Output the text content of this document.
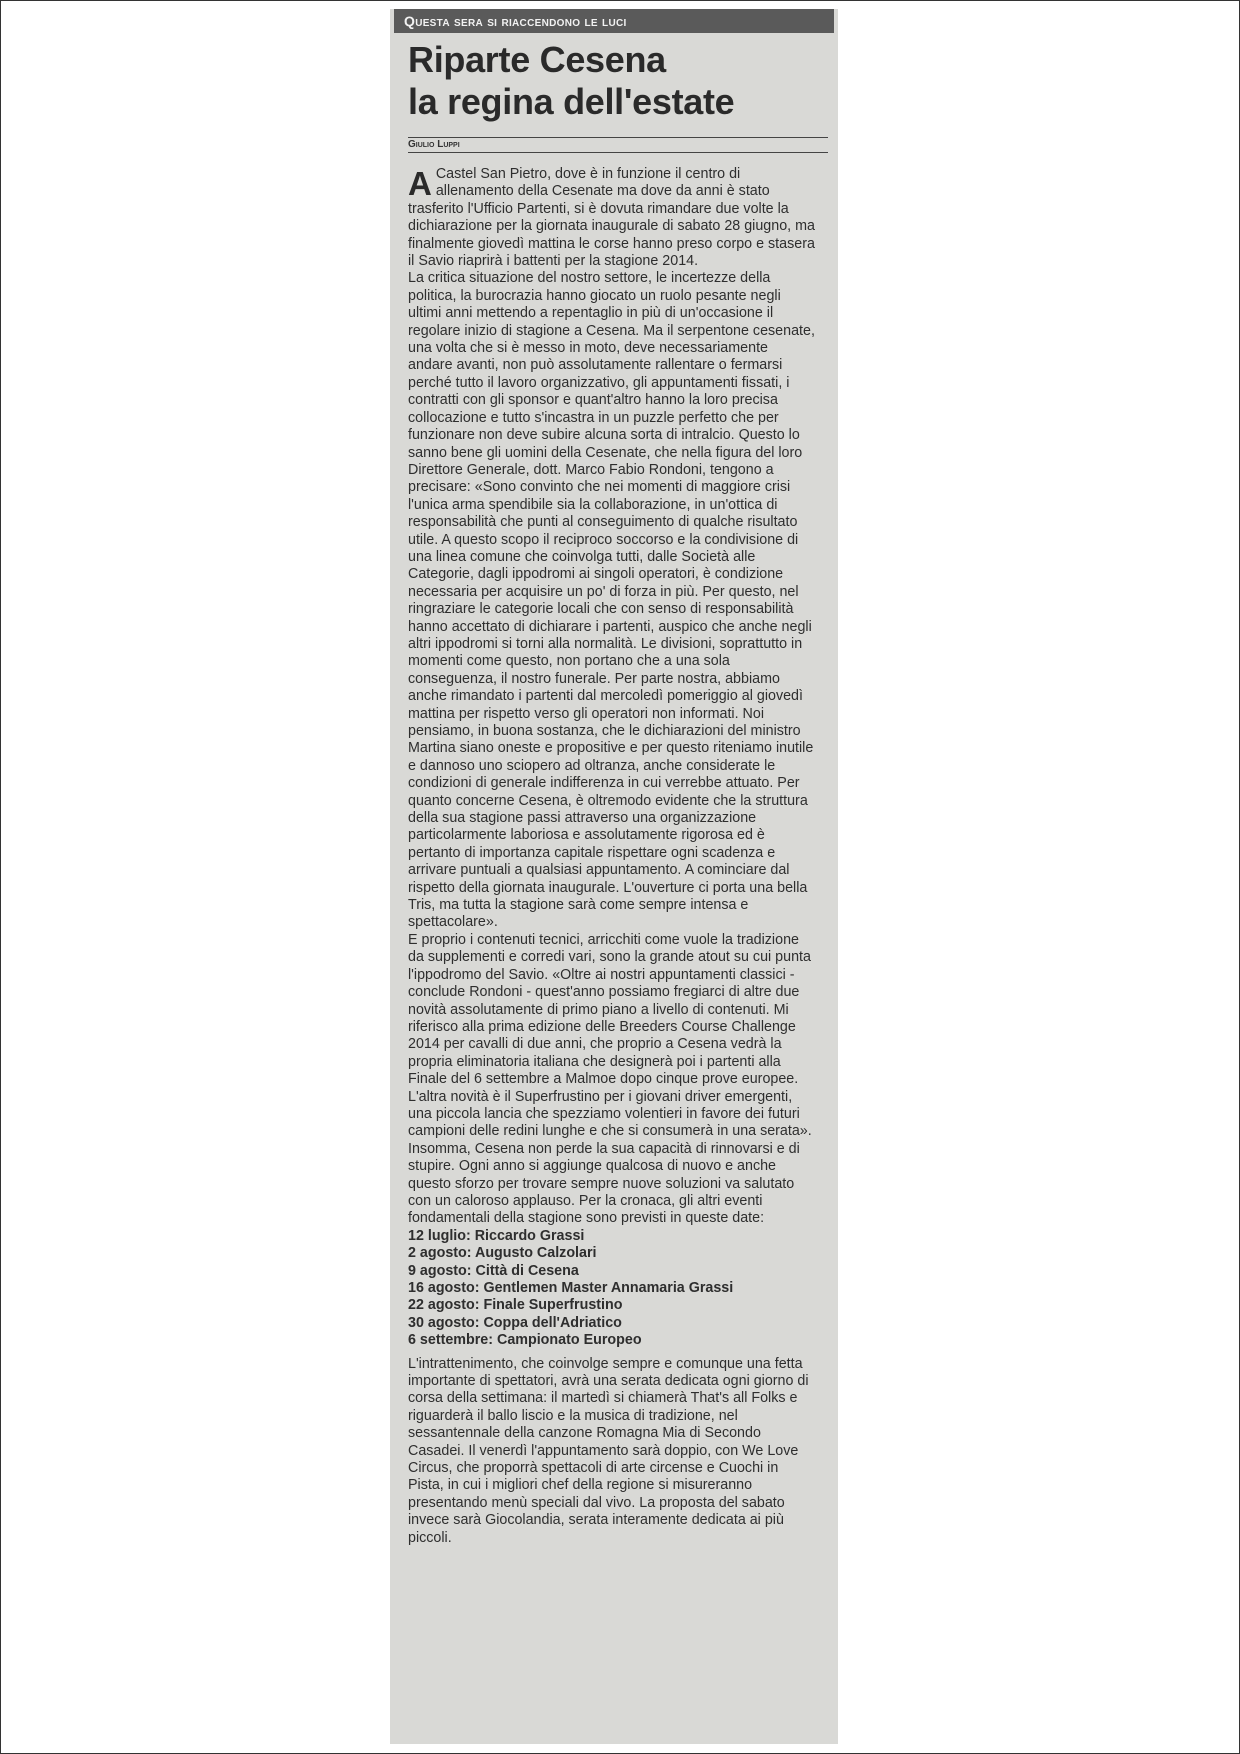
Questa sera si riaccendono le luci
Riparte Cesena
la regina dell'estate
Giulio Luppi

A Castel San Pietro, dove è in funzione il centro di allenamento della Cesenate ma dove da anni è stato trasferito l'Ufficio Partenti, si è dovuta rimandare due volte la dichiarazione per la giornata inaugurale di sabato 28 giugno, ma finalmente giovedì mattina le corse hanno preso corpo e stasera il Savio riaprirà i battenti per la stagione 2014.

La critica situazione del nostro settore, le incertezze della politica, la burocrazia hanno giocato un ruolo pesante negli ultimi anni mettendo a repentaglio in più di un'occasione il regolare inizio di stagione a Cesena. Ma il serpentone cesenate, una volta che si è messo in moto, deve necessariamente andare avanti, non può assolutamente rallentare o fermarsi perché tutto il lavoro organizzativo, gli appuntamenti fissati, i contratti con gli sponsor e quant'altro hanno la loro precisa collocazione e tutto s'incastra in un puzzle perfetto che per funzionare non deve subire alcuna sorta di intralcio. Questo lo sanno bene gli uomini della Cesenate, che nella figura del loro Direttore Generale, dott. Marco Fabio Rondoni, tengono a precisare: «Sono convinto che nei momenti di maggiore crisi l'unica arma spendibile sia la collaborazione, in un'ottica di responsabilità che punti al conseguimento di qualche risultato utile. A questo scopo il reciproco soccorso e la condivisione di una linea comune che coinvolga tutti, dalle Società alle Categorie, dagli ippodromi ai singoli operatori, è condizione necessaria per acquisire un po' di forza in più. Per questo, nel ringraziare le categorie locali che con senso di responsabilità hanno accettato di dichiarare i partenti, auspico che anche negli altri ippodromi si torni alla normalità. Le divisioni, soprattutto in momenti come questo, non portano che a una sola conseguenza, il nostro funerale. Per parte nostra, abbiamo anche rimandato i partenti dal mercoledì pomeriggio al giovedì mattina per rispetto verso gli operatori non informati. Noi pensiamo, in buona sostanza, che le dichiarazioni del ministro Martina siano oneste e propositive e per questo riteniamo inutile e dannoso uno sciopero ad oltranza, anche considerate le condizioni di generale indifferenza in cui verrebbe attuato. Per quanto concerne Cesena, è oltremodo evidente che la struttura della sua stagione passi attraverso una organizzazione particolarmente laboriosa e assolutamente rigorosa ed è pertanto di importanza capitale rispettare ogni scadenza e arrivare puntuali a qualsiasi appuntamento. A cominciare dal rispetto della giornata inaugurale. L'ouverture ci porta una bella Tris, ma tutta la stagione sarà come sempre intensa e spettacolare».

E proprio i contenuti tecnici, arricchiti come vuole la tradizione da supplementi e corredi vari, sono la grande atout su cui punta l'ippodromo del Savio. «Oltre ai nostri appuntamenti classici - conclude Rondoni - quest'anno possiamo fregiarci di altre due novità assolutamente di primo piano a livello di contenuti. Mi riferisco alla prima edizione delle Breeders Course Challenge 2014 per cavalli di due anni, che proprio a Cesena vedrà la propria eliminatoria italiana che designerà poi i partenti alla Finale del 6 settembre a Malmoe dopo cinque prove europee. L'altra novità è il Superfrustino per i giovani driver emergenti, una piccola lancia che spezziamo volentieri in favore dei futuri campioni delle redini lunghe e che si consumerà in una serata».

Insomma, Cesena non perde la sua capacità di rinnovarsi e di stupire. Ogni anno si aggiunge qualcosa di nuovo e anche questo sforzo per trovare sempre nuove soluzioni va salutato con un caloroso applauso. Per la cronaca, gli altri eventi fondamentali della stagione sono previsti in queste date:

12 luglio: Riccardo Grassi

2 agosto: Augusto Calzolari

9 agosto: Città di Cesena

16 agosto: Gentlemen Master Annamaria Grassi

22 agosto: Finale Superfrustino

30 agosto: Coppa dell'Adriatico

6 settembre: Campionato Europeo

L'intrattenimento, che coinvolge sempre e comunque una fetta importante di spettatori, avrà una serata dedicata ogni giorno di corsa della settimana: il martedì si chiamerà That's all Folks e riguarderà il ballo liscio e la musica di tradizione, nel sessantennale della canzone Romagna Mia di Secondo Casadei. Il venerdì l'appuntamento sarà doppio, con We Love Circus, che proporrà spettacoli di arte circense e Cuochi in Pista, in cui i migliori chef della regione si misureranno presentando menù speciali dal vivo. La proposta del sabato invece sarà Giocolandia, serata interamente dedicata ai più piccoli.
